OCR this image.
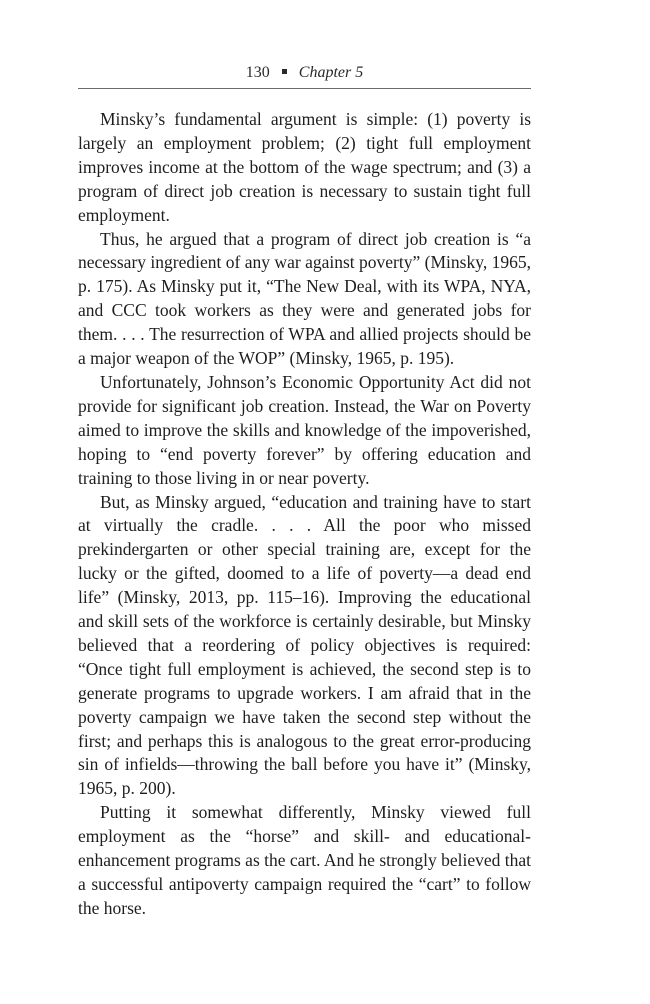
130 Chapter 5

Minsky’s fundamental argument is simple: (1) poverty is largely an employment problem; (2) tight full employment improves income at the bottom of the wage spectrum; and (3) a program of direct job creation is necessary to sustain tight full employment.

Thus, he argued that a program of direct job creation is “a necessary ingredient of any war against poverty” (Minsky, 1965, p. 175). As Minsky put it, “The New Deal, with its WPA, NYA, and CCC took workers as they were and generated jobs for them. . . . The resurrection of WPA and allied projects should be a major weapon of the WOP” (Minsky, 1965, p. 195).

Unfortunately, Johnson’s Economic Opportunity Act did not provide for significant job creation. Instead, the War on Poverty aimed to improve the skills and knowledge of the impoverished, hoping to “end poverty forever” by offering education and training to those living in or near poverty.

But, as Minsky argued, “education and training have to start at virtually the cradle. . . . All the poor who missed prekindergarten or other special training are, except for the lucky or the gifted, doomed to a life of poverty—a dead end life” (Minsky, 2013, pp. 115–16). Improving the educational and skill sets of the workforce is certainly desirable, but Minsky believed that a reordering of policy objectives is required: “Once tight full employment is achieved, the second step is to generate programs to upgrade workers. I am afraid that in the poverty campaign we have taken the second step without the first; and perhaps this is analogous to the great error-producing sin of infields—throwing the ball before you have it” (Minsky, 1965, p. 200).

Putting it somewhat differently, Minsky viewed full employment as the “horse” and skill- and educational-enhancement programs as the cart. And he strongly believed that a successful antipoverty campaign required the “cart” to follow the horse.
